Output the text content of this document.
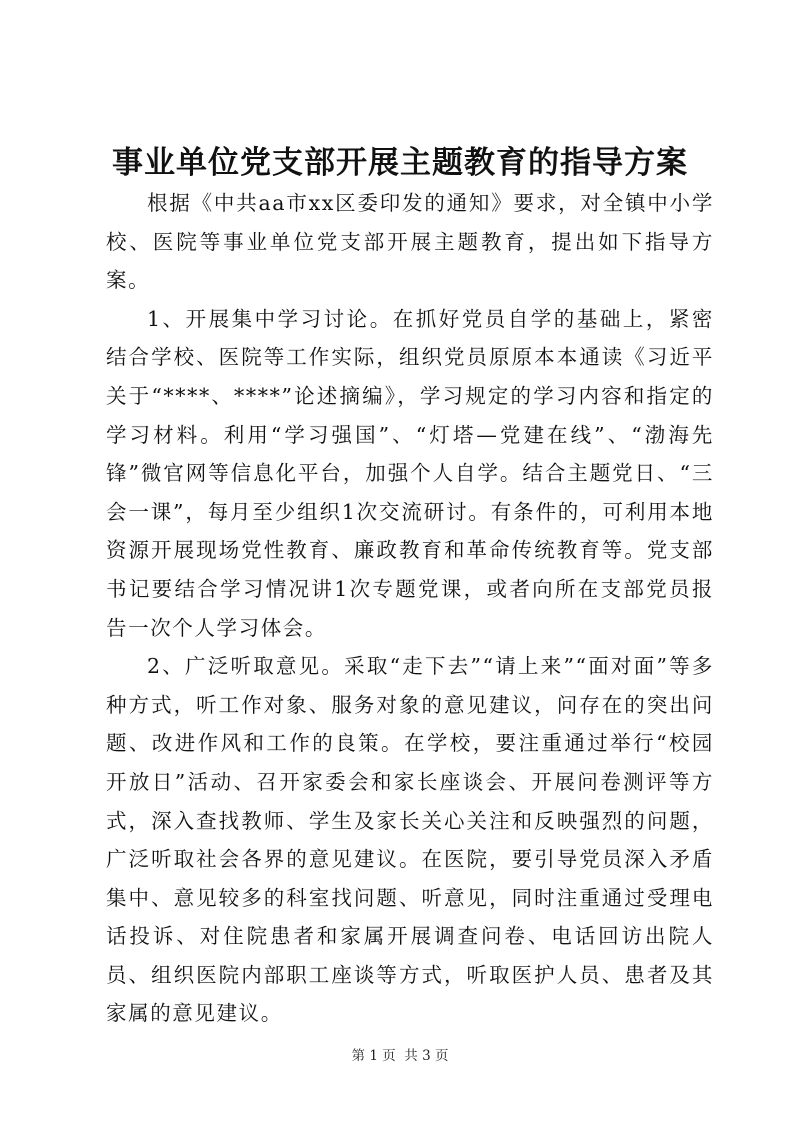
事业单位党支部开展主题教育的指导方案

根据《中共aa市xx区委印发的通知》要求，对全镇中小学校、医院等事业单位党支部开展主题教育，提出如下指导方案。

1、开展集中学习讨论。在抓好党员自学的基础上，紧密结合学校、医院等工作实际，组织党员原原本本通读《习近平关于“****、****”论述摘编》，学习规定的学习内容和指定的学习材料。利用“学习强国”、“灯塔—党建在线”、“渤海先锋”微官网等信息化平台，加强个人自学。结合主题党日、“三会一课”，每月至少组织1次交流研讨。有条件的，可利用本地资源开展现场党性教育、廉政教育和革命传统教育等。党支部书记要结合学习情况讲1次专题党课，或者向所在支部党员报告一次个人学习体会。

2、广泛听取意见。采取“走下去”“请上来”“面对面”等多种方式，听工作对象、服务对象的意见建议，问存在的突出问题、改进作风和工作的良策。在学校，要注重通过举行“校园开放日”活动、召开家委会和家长座谈会、开展问卷测评等方式，深入查找教师、学生及家长关心关注和反映强烈的问题，广泛听取社会各界的意见建议。在医院，要引导党员深入矛盾集中、意见较多的科室找问题、听意见，同时注重通过受理电话投诉、对住院患者和家属开展调查问卷、电话回访出院人员、组织医院内部职工座谈等方式，听取医护人员、患者及其家属的意见建议。

第 1 页  共 3 页
